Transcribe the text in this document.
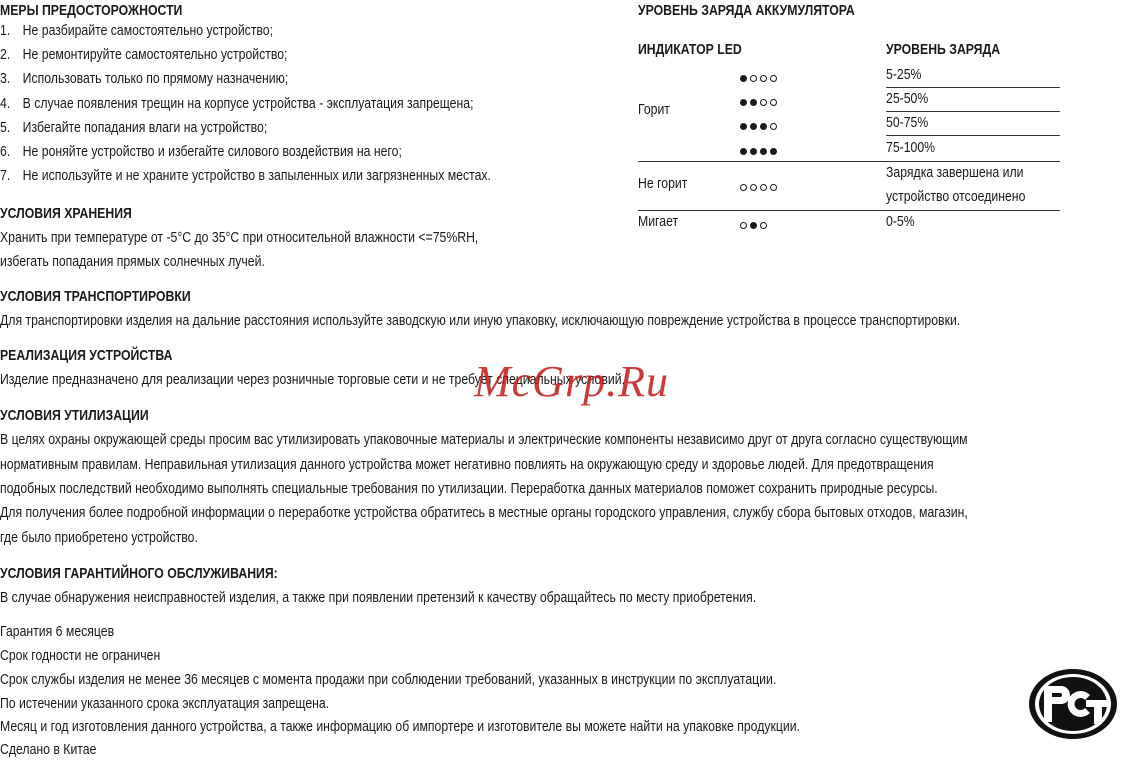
МЕРЫ ПРЕДОСТОРОЖНОСТИ
1. Не разбирайте самостоятельно устройство;
2. Не ремонтируйте самостоятельно устройство;
3. Использовать только по прямому назначению;
4. В случае появления трещин на корпусе устройства - эксплуатация запрещена;
5. Избегайте попадания влаги на устройство;
6. Не роняйте устройство и избегайте силового воздействия на него;
7. Не используйте и не храните устройство в запыленных или загрязненных местах.
УРОВЕНЬ ЗАРЯДА АККУМУЛЯТОРА
ИНДИКАТОР LED	УРОВЕНЬ ЗАРЯДА
Горит
5-25%
25-50%
50-75%
75-100%
Не горит
Зарядка завершена или
устройство отсоединено
Мигает	0-5%
УСЛОВИЯ ХРАНЕНИЯ
Хранить при температуре от -5°C до 35°C при относительной влажности <=75%RH,
избегать попадания прямых солнечных лучей.
УСЛОВИЯ ТРАНСПОРТИРОВКИ
Для транспортировки изделия на дальние расстояния используйте заводскую или иную упаковку, исключающую повреждение устройства в процессе транспортировки.
РЕАЛИЗАЦИЯ УСТРОЙСТВА
Изделие предназначено для реализации через розничные торговые сети и не требует специальных условий.
УСЛОВИЯ УТИЛИЗАЦИИ
В целях охраны окружающей среды просим вас утилизировать упаковочные материалы и электрические компоненты независимо друг от друга согласно существующим
нормативным правилам. Неправильная утилизация данного устройства может негативно повлиять на окружающую среду и здоровье людей. Для предотвращения
подобных последствий необходимо выполнять специальные требования по утилизации. Переработка данных материалов поможет сохранить природные ресурсы.
Для получения более подробной информации о переработке устройства обратитесь в местные органы городского управления, службу сбора бытовых отходов, магазин,
где было приобретено устройство.
УСЛОВИЯ ГАРАНТИЙНОГО ОБСЛУЖИВАНИЯ:
В случае обнаружения неисправностей изделия, а также при появлении претензий к качеству обращайтесь по месту приобретения.
Гарантия 6 месяцев
Срок годности не ограничен
Срок службы изделия не менее 36 месяцев с момента продажи при соблюдении требований, указанных в инструкции по эксплуатации.
По истечении указанного срока эксплуатация запрещена.
Месяц и год изготовления данного устройства, а также информацию об импортере и изготовителе вы можете найти на упаковке продукции.
Сделано в Китае
McGrp.Ru
